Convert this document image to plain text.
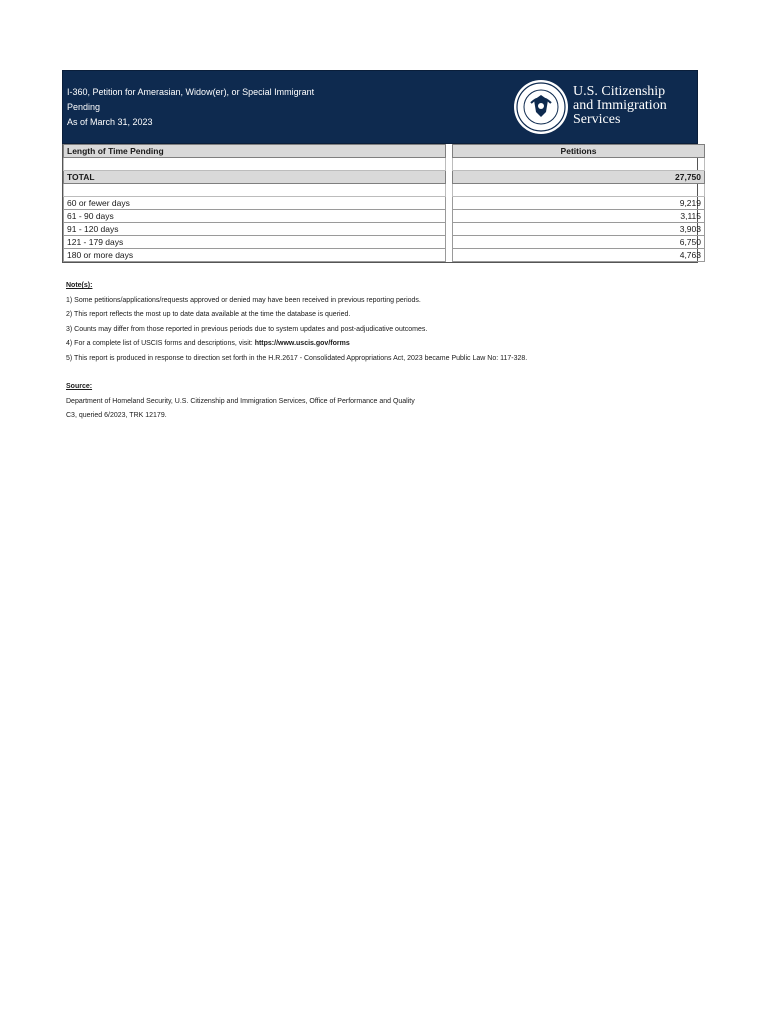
I-360, Petition for Amerasian, Widow(er), or Special Immigrant
Pending
As of March 31, 2023
U.S. Citizenship
and Immigration
Services
Length of Time Pending		Petitions

TOTAL		27,750

60 or fewer days		9,219
61 - 90 days		3,115
91 - 120 days		3,903
121 - 179 days		6,750
180 or more days		4,763
Note(s):
1) Some petitions/applications/requests approved or denied may have been received in previous reporting periods.
2) This report reflects the most up to date data available at the time the database is queried.
3) Counts may differ from those reported in previous periods due to system updates and post-adjudicative outcomes.
4) For a complete list of USCIS forms and descriptions, visit: https://www.uscis.gov/forms
5) This report is produced in response to direction set forth in the H.R.2617 - Consolidated Appropriations Act, 2023 became Public Law No: 117-328.
Source:
Department of Homeland Security, U.S. Citizenship and Immigration Services, Office of Performance and Quality
C3, queried 6/2023, TRK 12179.
